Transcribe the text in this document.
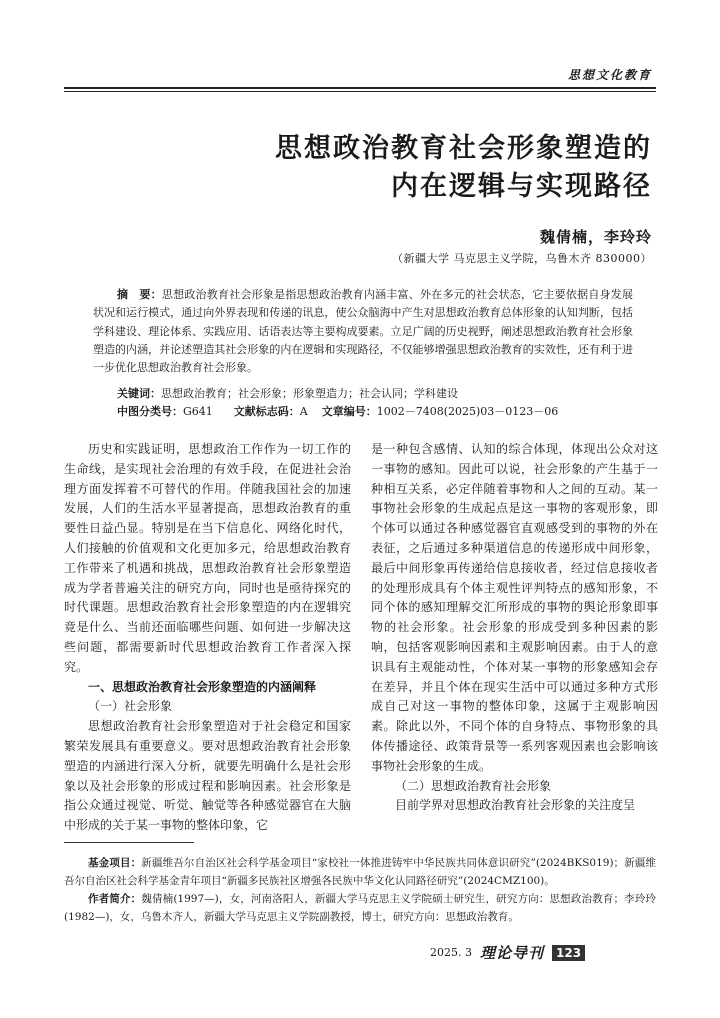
思想文化教育
思想政治教育社会形象塑造的
内在逻辑与实现路径
魏倩楠，李玲玲
（新疆大学 马克思主义学院，乌鲁木齐 830000）

摘　要：思想政治教育社会形象是指思想政治教育内涵丰富、外在多元的社会状态，它主要依据自身发展状况和运行模式，通过向外界表现和传递的讯息，使公众脑海中产生对思想政治教育总体形象的认知判断，包括学科建设、理论体系、实践应用、话语表达等主要构成要素。立足广阔的历史视野，阐述思想政治教育社会形象塑造的内涵，并论述塑造其社会形象的内在逻辑和实现路径，不仅能够增强思想政治教育的实效性，还有利于进一步优化思想政治教育社会形象。

关键词：思想政治教育；社会形象；形象塑造力；社会认同；学科建设
中图分类号：G641 文献标志码：A 文章编号：1002－7408(2025)03－0123－06

历史和实践证明，思想政治工作作为一切工作的生命线，是实现社会治理的有效手段，在促进社会治理方面发挥着不可替代的作用。伴随我国社会的加速发展，人们的生活水平显著提高，思想政治教育的重要性日益凸显。特别是在当下信息化、网络化时代，人们接触的价值观和文化更加多元，给思想政治教育工作带来了机遇和挑战，思想政治教育社会形象塑造成为学者普遍关注的研究方向，同时也是亟待探究的时代课题。思想政治教育社会形象塑造的内在逻辑究竟是什么、当前还面临哪些问题、如何进一步解决这些问题，都需要新时代思想政治教育工作者深入探究。

一、思想政治教育社会形象塑造的内涵阐释

（一）社会形象

思想政治教育社会形象塑造对于社会稳定和国家繁荣发展具有重要意义。要对思想政治教育社会形象塑造的内涵进行深入分析，就要先明确什么是社会形象以及社会形象的形成过程和影响因素。社会形象是指公众通过视觉、听觉、触觉等各种感觉器官在大脑中形成的关于某一事物的整体印象，它

是一种包含感情、认知的综合体现，体现出公众对这一事物的感知。因此可以说，社会形象的产生基于一种相互关系，必定伴随着事物和人之间的互动。某一事物社会形象的生成起点是这一事物的客观形象，即个体可以通过各种感觉器官直观感受到的事物的外在表征，之后通过多种渠道信息的传递形成中间形象，最后中间形象再传递给信息接收者，经过信息接收者的处理形成具有个体主观性评判特点的感知形象，不同个体的感知理解交汇所形成的事物的舆论形象即事物的社会形象。社会形象的形成受到多种因素的影响，包括客观影响因素和主观影响因素。由于人的意识具有主观能动性，个体对某一事物的形象感知会存在差异，并且个体在现实生活中可以通过多种方式形成自己对这一事物的整体印象，这属于主观影响因素。除此以外，不同个体的自身特点、事物形象的具体传播途径、政策背景等一系列客观因素也会影响该事物社会形象的生成。

（二）思想政治教育社会形象

目前学界对思想政治教育社会形象的关注度呈

基金项目：新疆维吾尔自治区社会科学基金项目“家校社一体推进铸牢中华民族共同体意识研究”(2024BKS019)；新疆维吾尔自治区社会科学基金青年项目“新疆多民族社区增强各民族中华文化认同路径研究”(2024CMZ100)。

作者简介：魏倩楠(1997—)，女，河南洛阳人，新疆大学马克思主义学院硕士研究生，研究方向：思想政治教育；李玲玲(1982—)，女，乌鲁木齐人，新疆大学马克思主义学院副教授，博士，研究方向：思想政治教育。

2025. 3 理论导刊	123
